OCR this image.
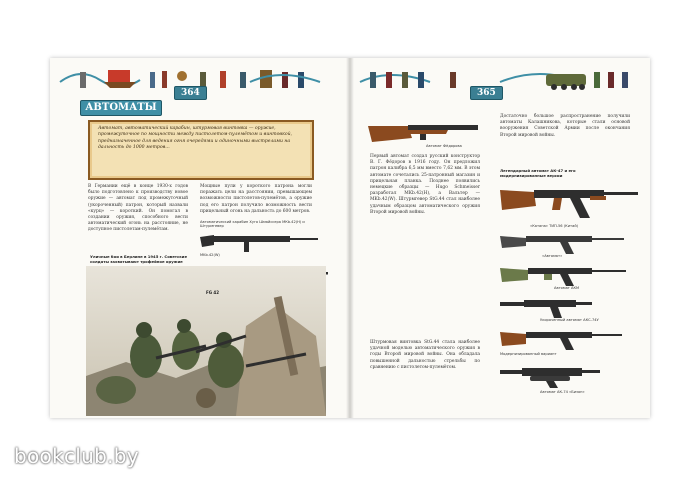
364
АВТОМАТЫ

Автомат, автоматический карабин, штурмовая винтовка — оружие, промежуточное по мощности между пистолетом-пулемётом и винтовкой, предназначенное для ведения огня очередями и одиночными выстрелами на дальность до 1000 метров...

В Германии ещё в конце 1930-х годов было подготовлено к производству новое оружие — автомат под промежуточный (укороченный) патрон, который назвали «курц» — короткий. Он помогал в создании оружия, способного вести автоматический огонь на расстояние, не доступное пистолетам-пулемётам.

Мощные пули у короткого патрона могли поражать цели на расстоянии, превышающем возможности пистолетов-пулемётов, а оружие под его патрон получило возможность вести прицельный огонь на дальность до 600 метров.

Автоматический карабин Хуго Шмайссера МКb.42(H) и Штурмгевер
MKb.42(W)
Уличные бои в Берлине в 1945 г. Советские солдаты захватывают трофейное оружие
FG 42
365
Автомат Фёдорова

Первый автомат создал русский конструктор В. Г. Фёдоров в 1916 году. Он предложил патрон калибра 6,5 мм вместо 7,62 мм. В этом автомате сочетались 25-патронный магазин и прицельная планка. Позднее появились немецкие образцы — Hugo Schmeisser разработал MKb.42(H), а Вальтер — MKb.42(W). Штурмгевер StG.44 стал наиболее удачным образцом автоматического оружия Второй мировой войны.

Штурмовая винтовка StG.44 стала наиболее удачной моделью автоматического оружия в годы Второй мировой войны. Она обладала повышенной дальностью стрельбы по сравнению с пистолетом-пулемётом.

Достаточно большое распространение получили автоматы Калашникова, которые стали основой вооружения Советской Армии после окончания Второй мировой войны.

Легендарный автомат АК-47 и его модернизированные версии
«Катана» ТИП-56 (Китай)
«Автомат»
Автомат АКМ
Укороченный автомат АКС-74У
Модернизированный вариант
Автомат АК-74 «Бизон»
bookclub.by
